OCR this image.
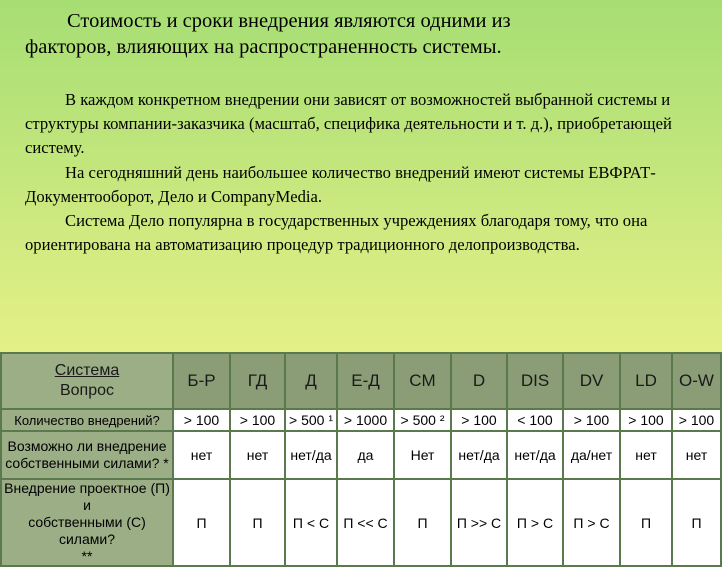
Стоимость и сроки внедрения являются одними из
факторов, влияющих на распространенность системы.

В каждом конкретном внедрении они зависят от возможностей выбранной системы и структуры компании-заказчика (масштаб, специфика деятельности и т. д.), приобретающей систему.

На сегодняшний день наибольшее количество внедрений имеют системы ЕВФРАТ-Документооборот, Дело и CompanyMedia.

Система Дело популярна в государственных учреждениях благодаря тому, что она ориентирована на автоматизацию процедур традиционного делопроизводства.

Система
Вопрос	Б-Р	ГД	Д	Е-Д	CM	D	DIS	DV	LD	O-W
Количество внедрений?	> 100	> 100	> 500 ¹	> 1000	> 500 ²	> 100	< 100	> 100	> 100	> 100

Возможно ли внедрение
собственными силами? *	нет	нет	нет/да	да	Нет	нет/да	нет/да	да/нет	нет	нет

Внедрение проектное (П) и
собственными (С) силами?
**	П	П	П < С	П << С	П	П >> С	П > С	П > С	П	П
